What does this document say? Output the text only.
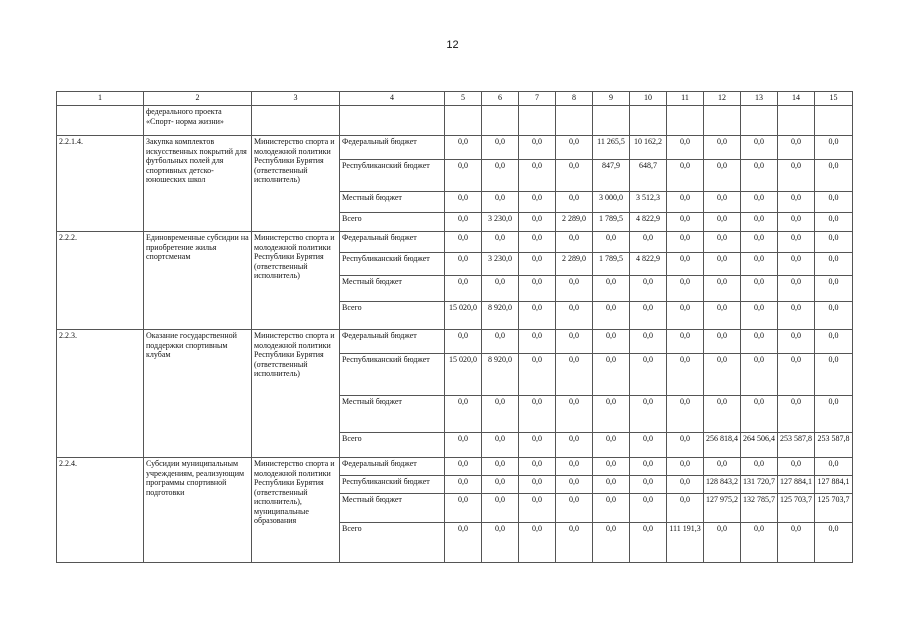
12
1	2	3	4	5	6	7	8	9	10	11	12	13	14	15
	федерального проекта «Спорт- норма жизни»													
2.2.1.4.	Закупка комплектов искусственных покрытий для футбольных полей для спортивных детско-юношеских школ	Министерство спорта и молодежной политики Республики Бурятия (ответственный исполнитель)	Федеральный бюджет	0,0	0,0	0,0	0,0	11 265,5	10 162,2	0,0	0,0	0,0	0,0	0,0
			Республиканский бюджет	0,0	0,0	0,0	0,0	847,9	648,7	0,0	0,0	0,0	0,0	0,0
			Местный бюджет	0,0	0,0	0,0	0,0	3 000,0	3 512,3	0,0	0,0	0,0	0,0	0,0
			Всего	0,0	3 230,0	0,0	2 289,0	1 789,5	4 822,9	0,0	0,0	0,0	0,0	0,0
2.2.2.	Единовременные субсидии на приобретение жилья спортсменам	Министерство спорта и молодежной политики Республики Бурятия (ответственный исполнитель)	Федеральный бюджет	0,0	0,0	0,0	0,0	0,0	0,0	0,0	0,0	0,0	0,0	0,0
			Республиканский бюджет	0,0	3 230,0	0,0	2 289,0	1 789,5	4 822,9	0,0	0,0	0,0	0,0	0,0
			Местный бюджет	0,0	0,0	0,0	0,0	0,0	0,0	0,0	0,0	0,0	0,0	0,0
			Всего	15 020,0	8 920,0	0,0	0,0	0,0	0,0	0,0	0,0	0,0	0,0	0,0
2.2.3.	Оказание государственной поддержки спортивным клубам	Министерство спорта и молодежной политики Республики Бурятия (ответственный исполнитель)	Федеральный бюджет	0,0	0,0	0,0	0,0	0,0	0,0	0,0	0,0	0,0	0,0	0,0
			Республиканский бюджет	15 020,0	8 920,0	0,0	0,0	0,0	0,0	0,0	0,0	0,0	0,0	0,0
			Местный бюджет	0,0	0,0	0,0	0,0	0,0	0,0	0,0	0,0	0,0	0,0	0,0
			Всего	0,0	0,0	0,0	0,0	0,0	0,0	0,0	256 818,4	264 506,4	253 587,8	253 587,8
2.2.4.	Субсидии муниципальным учреждениям, реализующим программы спортивной подготовки	Министерство спорта и молодежной политики Республики Бурятия (ответственный исполнитель), муниципальные образования	Федеральный бюджет	0,0	0,0	0,0	0,0	0,0	0,0	0,0	0,0	0,0	0,0	0,0
			Республиканский бюджет	0,0	0,0	0,0	0,0	0,0	0,0	0,0	128 843,2	131 720,7	127 884,1	127 884,1
			Местный бюджет	0,0	0,0	0,0	0,0	0,0	0,0	0,0	127 975,2	132 785,7	125 703,7	125 703,7
			Всего	0,0	0,0	0,0	0,0	0,0	0,0	111 191,3	0,0	0,0	0,0	0,0
